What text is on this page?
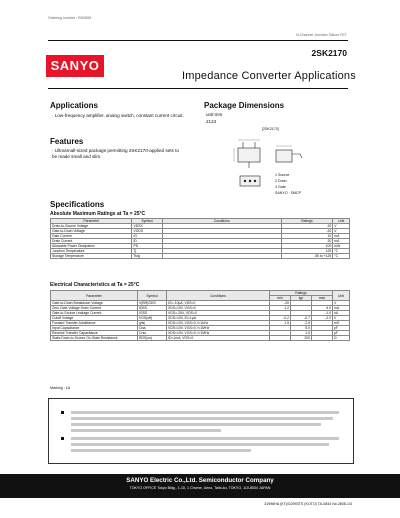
Ordering number : EN2808
N-Channel Junction Silicon FET
2SK2170
SANYO
Impedance Converter Applications
Applications
· Low-frequency amplifier, analog switch, constant current circuit.
Features
· Ultrasmall-sized package permitting 2SK2170-applied sets to be made small and slim.
Package Dimensions
unit:mm
2124
[2SK2170]
1 Source
2 Drain
3 Gate
SANYO : SMCP
Specifications
Absolute Maximum Ratings at Ta = 25°C
Parameter	Symbol	Conditions	Ratings	Unit
Drain-to-Source Voltage	VDSX		20	V
Gate-to-Drain Voltage	VGDS		-20	V
Gate Current	IG		10	mA
Drain Current	ID		20	mA
Allowable Power Dissipation	PD		100	mW
Junction Temperature	Tj		125	°C
Storage Temperature	Tstg		-55 to +125	°C
Electrical Characteristics at Ta = 25°C
Parameter	Symbol	Conditions	Ratings			Unit
			min	typ	max	
Gate-to-Drain Breakdown Voltage	V(BR)GDS	IG=-10µA, VDS=0	-20			V
Zero-Gate Voltage Drain Current	IDSS	VDS=10V, VGS=0	1.2		6.0	mA
Gate-to-Source Leakage Current	IGSS	VGS=-20V, VDS=0			-1.0	nA
Cutoff Voltage	VGS(off)	VDS=10V, ID=1µA	-0.2	-0.7	-2.0	V
Forward Transfer Admittance	|yfs|	VDS=10V, VGS=0, f=1kHz	1.5	2.5		mS
Input Capacitance	Ciss	VDS=10V, VGS=0, f=1MHz		5.0		pF
Reverse Transfer Capacitance	Crss	VDS=10V, VGS=0, f=1MHz		1.6		pF
Static Drain-to-Source On-State Resistance	RDS(on)	ID=1mA, VGS=0		200		Ω
Marking : 1A
SANYO Electric Co.,Ltd. Semiconductor Company
TOKYO OFFICE Tokyo Bldg., 1-10, 1 Chome, Ueno, Taito-ku, TOKYO, 110-8534 JAPAN
31998HA (KT)/D2993TS (KOTO) TA-0844 No.2808-1/3
